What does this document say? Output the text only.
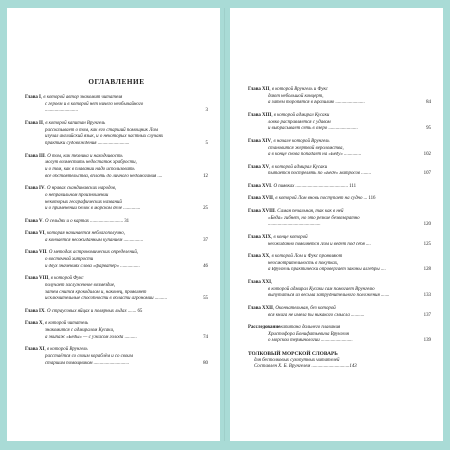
ОГЛАВЛЕНИЕ
Глава I , в которой автор знакомит читателя
с героем и в которой нет ничего необычайного
...........................	3
Глава II , в которой капитан Врунгель
рассказывает о том, как его старший помощник Лом
изучал английский язык, и о некоторых частных случаях
практики судовождения ..........................	5
Глава III . О том, как техника и находчивость
могут возместить недостаток храбрости,
и о том, как в плавании надо использовать
все обстоятельства, вплоть до личного недомогания ....	12
Глава IV . О нравах скандинавских народов,
о неправильном произношении
некоторых географических названий
и о применении белок в морском деле ..............	25
Глава V . О сельдях и о картах ........................... 31
Глава VI , которая начинается неблагополучно,
а кончается неожиданным купанием ................	37
Глава VII . О методах астрономических определений,
о восточной хитрости
и двух значениях слова «фарватер» ................	46
Глава VIII , в которой Фукс
получает заслуженное возмездие,
затем снится крокодилом и, наконец, проявляет
исключительные способности в области агрономии ..........	55
Глава IX . О страусовых яйцах и полярных льдах ....... 65
Глава X , в которой читатель
знакомится с адмиралом Кусаки,
а экипаж «Беды» — с ужасом голода ..........	74
Глава XI , в которой Врунгель
расстаётся со своим кораблём и со своим
старшим помощником .............................	80
Глава XII , в которой Врунгель и Фукс
дают небольшой концерт,
а затем торопятся в Бразилию ........................	84
Глава XIII , в которой адмирал Кусаки
ловко расправляется с удавом
и выбрасывает сеть в озеро ........................	95
Глава XIV , в начале которой Врунгель
становится жертвой вероломства,
а в конце снова попадает на «Беду» ..............	102
Глава XV , в которой адмирал Кусаки
пытается пострелять по «Беде» матросов ........	107
Глава XVI . О пиявках ........................................... 111
Глава XVII , в которой Лом вновь поступает на судно ... 116
Глава XVIII . Самая печальная, так как в ней
«Беда» гибнет, но это резкие безвозвратно
...........................................	120
Глава XIX , в конце которой
неожиданно появляется Лом и ведёт под себя ....	125
Глава XX , в которой Лом и Фукс проявляют
неосмотрительность в покупках,
а Врунгель практически опровергает законы алгебры ....	128
Глава XXI ,
в которой адмирал Кусаки сам помогает Врунгелю
выпутаться из весьма затруднительного положения .......	133
Глава XXII , Окончательная, без которой
вся книга не имела бы никакого смысла ...........	137
Расследование капитана дальнего плавания
Христофора Бонифатьевича Врунгеля
о морской терминологии ..........................	139
ТОЛКОВЫЙ МОРСКОЙ СЛОВАРЬ
для бестолковых сухопутных читателей
Составлен Х. Б. Врунгелем ............................... 143
